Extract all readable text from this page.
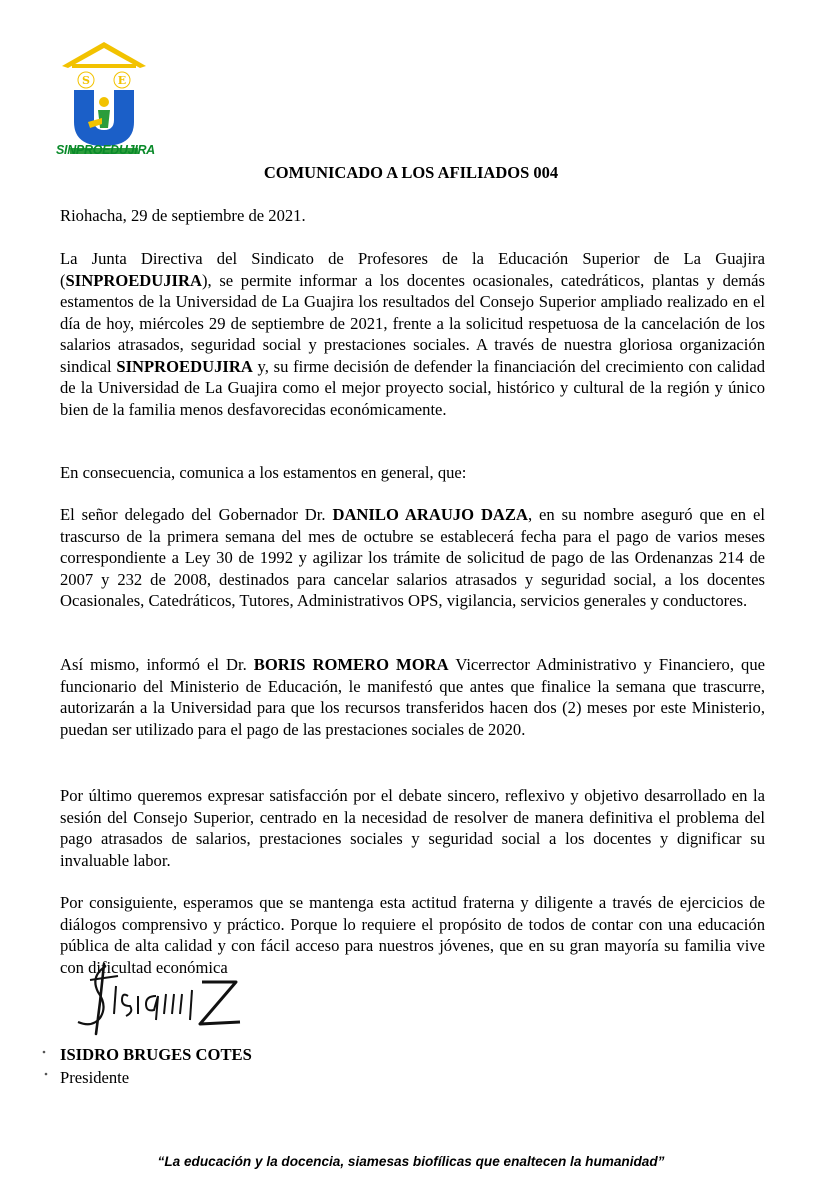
S	E
SINPROEDUJIRA
COMUNICADO A LOS AFILIADOS 004
Riohacha, 29 de septiembre de 2021.
La Junta Directiva del Sindicato de Profesores de la Educación Superior de La Guajira (SINPROEDUJIRA), se permite informar a los docentes ocasionales, catedráticos, plantas y demás estamentos de la Universidad de La Guajira los resultados del Consejo Superior ampliado realizado en el día de hoy, miércoles 29 de septiembre de 2021, frente a la solicitud respetuosa de la cancelación de los salarios atrasados, seguridad social y prestaciones sociales. A través de nuestra gloriosa organización sindical SINPROEDUJIRA y, su firme decisión de defender la financiación del crecimiento con calidad de la Universidad de La Guajira como el mejor proyecto social, histórico y cultural de la región y único bien de la familia menos desfavorecidas económicamente.
En consecuencia, comunica a los estamentos en general, que:
El señor delegado del Gobernador Dr. DANILO ARAUJO DAZA, en su nombre aseguró que en el trascurso de la primera semana del mes de octubre se establecerá fecha para el pago de varios meses correspondiente a Ley 30 de 1992 y agilizar los trámite de solicitud de pago de las Ordenanzas 214 de 2007 y 232 de 2008, destinados para cancelar salarios atrasados y seguridad social, a los docentes Ocasionales, Catedráticos, Tutores, Administrativos OPS, vigilancia, servicios generales y conductores.
Así mismo, informó el Dr. BORIS ROMERO MORA Vicerrector Administrativo y Financiero, que funcionario del Ministerio de Educación, le manifestó que antes que finalice la semana que trascurre, autorizarán a la Universidad para que los recursos transferidos hacen dos (2) meses por este Ministerio, puedan ser utilizado para el pago de las prestaciones sociales de 2020.
Por último queremos expresar satisfacción por el debate sincero, reflexivo y objetivo desarrollado en la sesión del Consejo Superior, centrado en la necesidad de resolver de manera definitiva el problema del pago atrasados de salarios, prestaciones sociales y seguridad social a los docentes y dignificar su invaluable labor.
Por consiguiente, esperamos que se mantenga esta actitud fraterna y diligente a través de ejercicios de diálogos comprensivo y práctico. Porque lo requiere el propósito de todos de contar con una educación pública de alta calidad y con fácil acceso para nuestros jóvenes, que en su gran mayoría su familia vive con dificultad económica
ISIDRO BRUGES COTES
Presidente
“La educación y la docencia, siamesas biofílicas que enaltecen la humanidad”
